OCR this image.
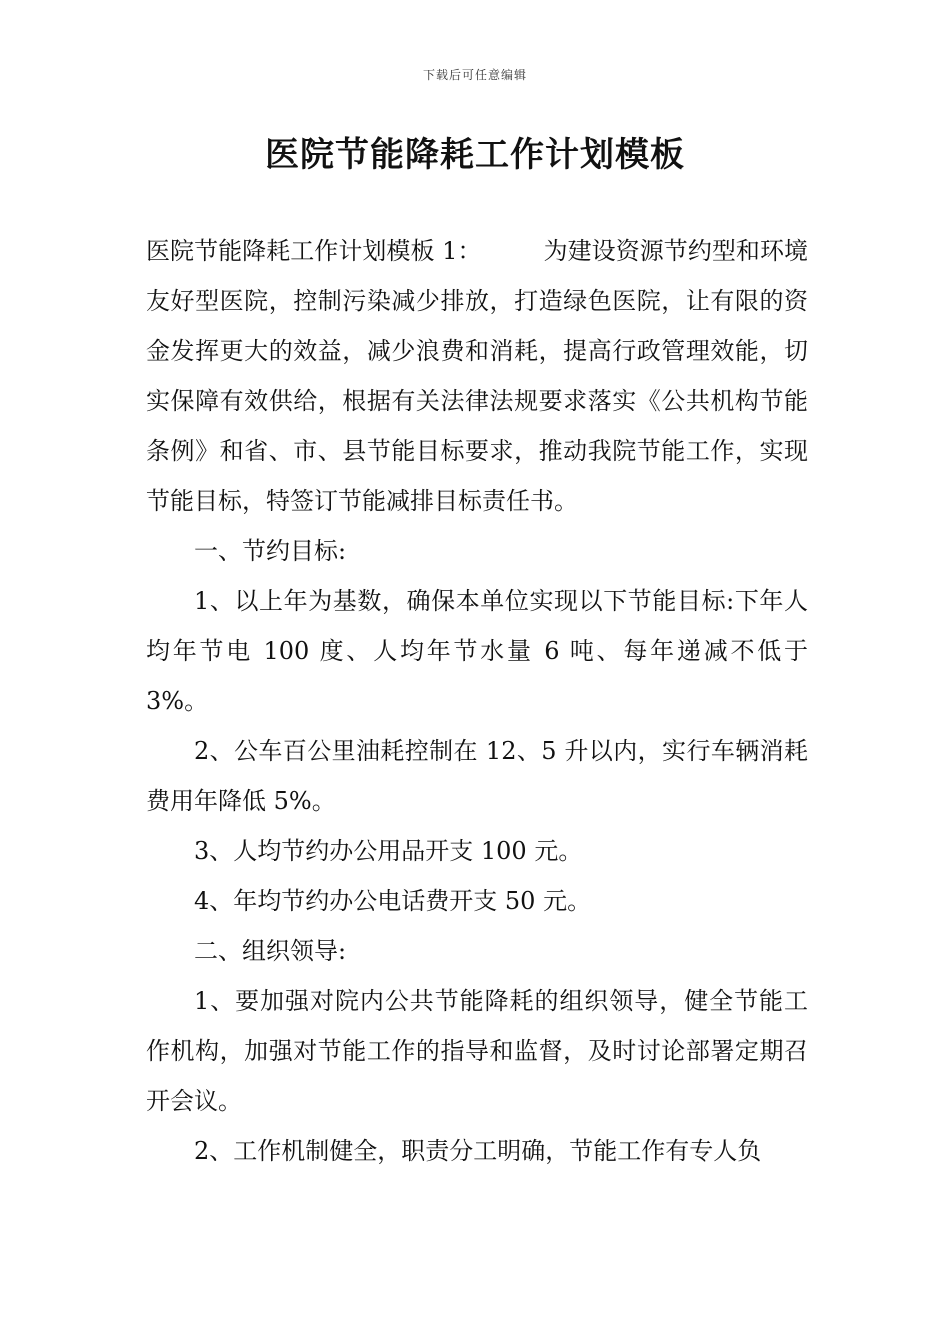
下载后可任意编辑
医院节能降耗工作计划模板

医院节能降耗工作计划模板 1：	为建设资源节约型和环境友好型医院，控制污染减少排放，打造绿色医院，让有限的资金发挥更大的效益，减少浪费和消耗，提高行政管理效能，切实保障有效供给，根据有关法律法规要求落实《公共机构节能条例》和省、市、县节能目标要求，推动我院节能工作，实现节能目标，特签订节能减排目标责任书。

一、节约目标:

1、以上年为基数，确保本单位实现以下节能目标:下年人均年节电 100 度、人均年节水量 6 吨、每年递减不低于 3%。

2、公车百公里油耗控制在 12、5 升以内，实行车辆消耗费用年降低 5%。

3、人均节约办公用品开支 100 元。

4、年均节约办公电话费开支 50 元。

二、组织领导:

1、要加强对院内公共节能降耗的组织领导，健全节能工作机构，加强对节能工作的指导和监督，及时讨论部署定期召开会议。

2、工作机制健全，职责分工明确，节能工作有专人负
